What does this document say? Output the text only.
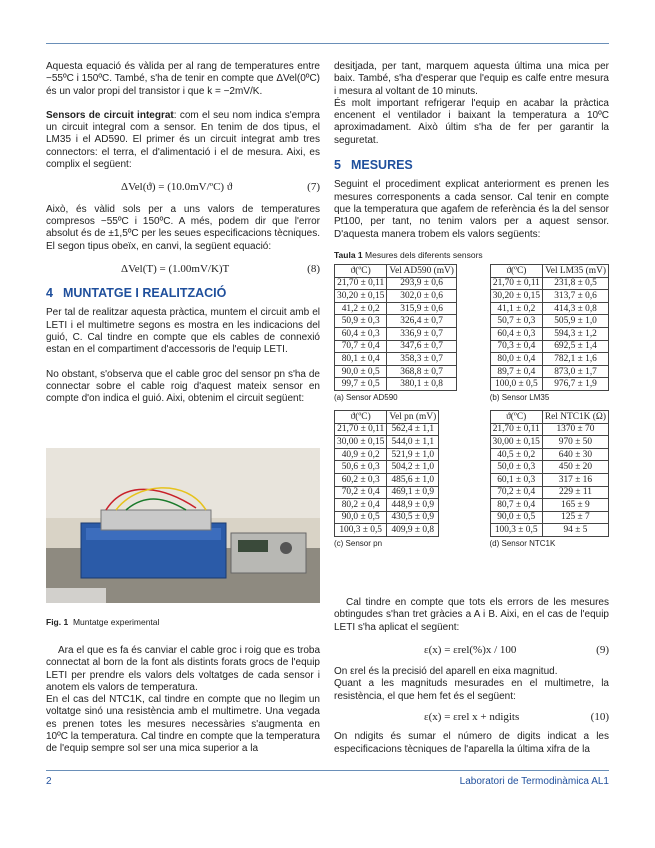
Aquesta equació és vàlida per al rang de temperatures entre −55ºC i 150ºC. També, s'ha de tenir en compte que ΔVel(0ºC) és un valor propi del transistor i que k = −2mV/K.

Sensors de circuit integrat: com el seu nom indica s'empra un circuit integral com a sensor. En tenim de dos tipus, el LM35 i el AD590. El primer és un circuit integrat amb tres connectors: el terra, el d'alimentació i el de mesura. Aixi, es complix el següent:

ΔVel(ϑ) = (10.0mV/ºC) ϑ	(7)

Això, és vàlid sols per a uns valors de temperatures compresos −55ºC i 150ºC. A més, podem dir que l'error absolut és de ±1,5ºC per les seues especificacions tècniques. El segon tipus obeïx, en canvi, la següent equació:

ΔVel(T) = (1.00mV/K)T	(8)
4 MUNTATGE I REALITZACIÓ

Per tal de realitzar aquesta pràctica, muntem el circuit amb el LETI i el multimetre segons es mostra en les indicacions del guió, C. Cal tindre en compte que els cables de connexió estan en el compartiment d'accessoris de l'equip LETI.

No obstant, s'observa que el cable groc del sensor pn s'ha de connectar sobre el cable roig d'aquest mateix sensor en compte d'on indica el guió. Aixi, obtenim el circuit següent:

Fig. 1 Muntatge experimental

Ara el que es fa és canviar el cable groc i roig que es troba connectat al born de la font als distints forats grocs de l'equip LETI per prendre els valors dels voltatges de cada sensor i anotem els valors de temperatura.

En el cas del NTC1K, cal tindre en compte que no llegim un voltatge sinó una resistència amb el multimetre. Una vegada es prenen totes les mesures necessàries s'augmenta en 10ºC la temperatura. Cal tindre en compte que la temperatura de l'equip sempre sol ser una mica superior a la

desitjada, per tant, marquem aquesta última una mica per baix. També, s'ha d'esperar que l'equip es calfe entre mesura i mesura al voltant de 10 minuts.

És molt important refrigerar l'equip en acabar la pràctica encenent el ventilador i baixant la temperatura a 10ºC aproximadament. Això últim s'ha de fer per garantir la seguretat.

5 MESURES

Seguint el procediment explicat anteriorment es prenen les mesures corresponents a cada sensor. Cal tenir en compte que la temperatura que agafem de referència és la del sensor Pt100, per tant, no tenim valors per a aquest sensor. D'aquesta manera trobem els valors següents:

Taula 1 Mesures dels diferents sensors

ϑ(ºC)	Vel AD590 (mV)
21,70 ± 0,11	293,9 ± 0,6
30,20 ± 0,15	302,0 ± 0,6
41,2 ± 0,2	315,9 ± 0,6
50,9 ± 0,3	326,4 ± 0,7
60,4 ± 0,3	336,9 ± 0,7
70,7 ± 0,4	347,6 ± 0,7
80,1 ± 0,4	358,3 ± 0,7
90,0 ± 0,5	368,8 ± 0,7
99,7 ± 0,5	380,1 ± 0,8

(a) Sensor AD590

ϑ(ºC)	Vel LM35 (mV)
21,70 ± 0,11	231,8 ± 0,5
30,20 ± 0,15	313,7 ± 0,6
41,1 ± 0,2	414,3 ± 0,8
50,7 ± 0,3	505,9 ± 1,0
60,4 ± 0,3	594,3 ± 1,2
70,3 ± 0,4	692,5 ± 1,4
80,0 ± 0,4	782,1 ± 1,6
89,7 ± 0,4	873,0 ± 1,7
100,0 ± 0,5	976,7 ± 1,9

(b) Sensor LM35

ϑ(ºC)	Vel pn (mV)
21,70 ± 0,11	562,4 ± 1,1
30,00 ± 0,15	544,0 ± 1,1
40,9 ± 0,2	521,9 ± 1,0
50,6 ± 0,3	504,2 ± 1,0
60,2 ± 0,3	485,6 ± 1,0
70,2 ± 0,4	469,1 ± 0,9
80,2 ± 0,4	448,9 ± 0,9
90,0 ± 0,5	430,5 ± 0,9
100,3 ± 0,5	409,9 ± 0,8

(c) Sensor pn

ϑ(ºC)	Rel NTC1K (Ω)
21,70 ± 0,11	1370 ± 70
30,00 ± 0,15	970 ± 50
40,5 ± 0,2	640 ± 30
50,0 ± 0,3	450 ± 20
60,1 ± 0,3	317 ± 16
70,2 ± 0,4	229 ± 11
80,7 ± 0,4	165 ± 9
90,0 ± 0,5	125 ± 7
100,3 ± 0,5	94 ± 5

(d) Sensor NTC1K

Cal tindre en compte que tots els errors de les mesures obtingudes s'han tret gràcies a A i B. Aixi, en el cas de l'equip LETI s'ha aplicat el següent:

ε(x) = εrel(%)x / 100	(9)

On εrel és la precisió del aparell en eixa magnitud.

Quant a les magnituds mesurades en el multimetre, la resistència, el que hem fet és el següent:

ε(x) = εrel x + ndigits	(10)

On ndigits és sumar el número de digits indicat a les especificacions tècniques de l'aparella la última xifra de la

2	Laboratori de Termodinàmica AL1
